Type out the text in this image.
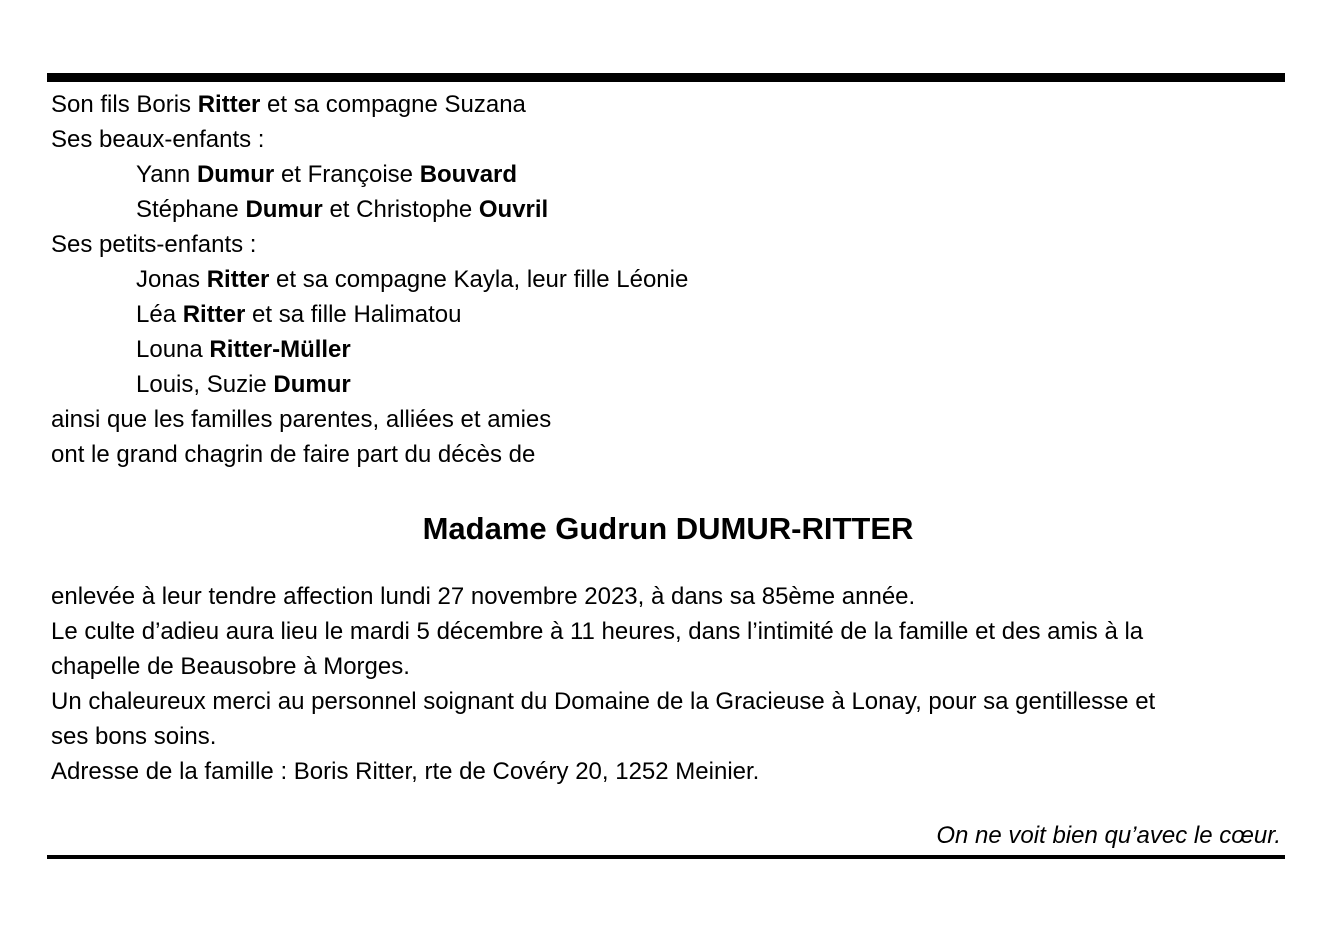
Son fils Boris Ritter et sa compagne Suzana
Ses beaux-enfants :
Yann Dumur et Françoise Bouvard
Stéphane Dumur et Christophe Ouvril
Ses petits-enfants :
Jonas Ritter et sa compagne Kayla, leur fille Léonie
Léa Ritter et sa fille Halimatou
Louna Ritter-Müller
Louis, Suzie Dumur
ainsi que les familles parentes, alliées et amies
ont le grand chagrin de faire part du décès de
Madame Gudrun DUMUR-RITTER
enlevée à leur tendre affection lundi 27 novembre 2023, à dans sa 85ème année.
Le culte d’adieu aura lieu le mardi 5 décembre à 11 heures, dans l’intimité de la famille et des amis à la
chapelle de Beausobre à Morges.
Un chaleureux merci au personnel soignant du Domaine de la Gracieuse à Lonay, pour sa gentillesse et
ses bons soins.
Adresse de la famille : Boris Ritter, rte de Covéry 20, 1252 Meinier.
On ne voit bien qu’avec le cœur.
